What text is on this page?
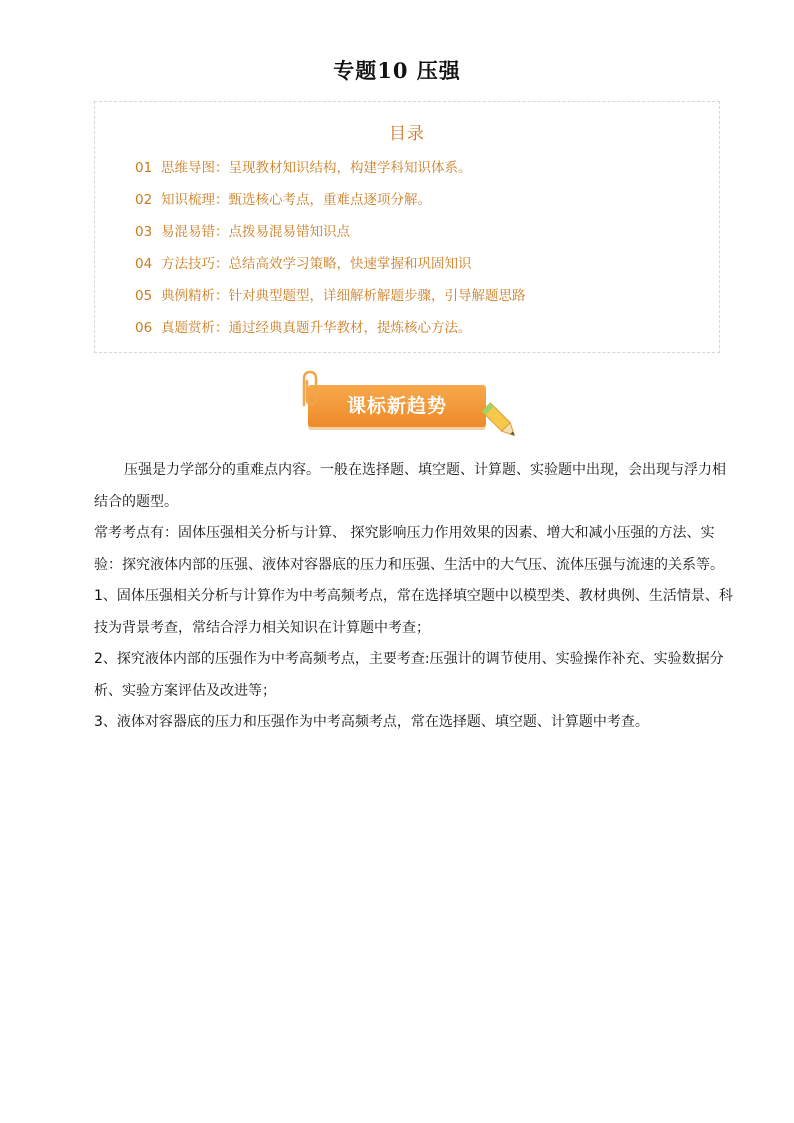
专题10 压强
目录
01 思维导图：呈现教材知识结构，构建学科知识体系。
02 知识梳理：甄选核心考点，重难点逐项分解。
03 易混易错：点拨易混易错知识点
04 方法技巧：总结高效学习策略，快速掌握和巩固知识
05 典例精析：针对典型题型，详细解析解题步骤，引导解题思路
06 真题赏析：通过经典真题升华教材，提炼核心方法。
课标新趋势

压强是力学部分的重难点内容。一般在选择题、填空题、计算题、实验题中出现，会出现与浮力相结合的题型。

常考考点有：固体压强相关分析与计算、 探究影响压力作用效果的因素、增大和减小压强的方法、实验：探究液体内部的压强、液体对容器底的压力和压强、生活中的大气压、流体压强与流速的关系等。

1、固体压强相关分析与计算作为中考高频考点，常在选择填空题中以模型类、教材典例、生活情景、科技为背景考查，常结合浮力相关知识在计算题中考查；

2、探究液体内部的压强作为中考高频考点，主要考查:压强计的调节使用、实验操作补充、实验数据分析、实验方案评估及改进等；

3、液体对容器底的压力和压强作为中考高频考点，常在选择题、填空题、计算题中考查。
